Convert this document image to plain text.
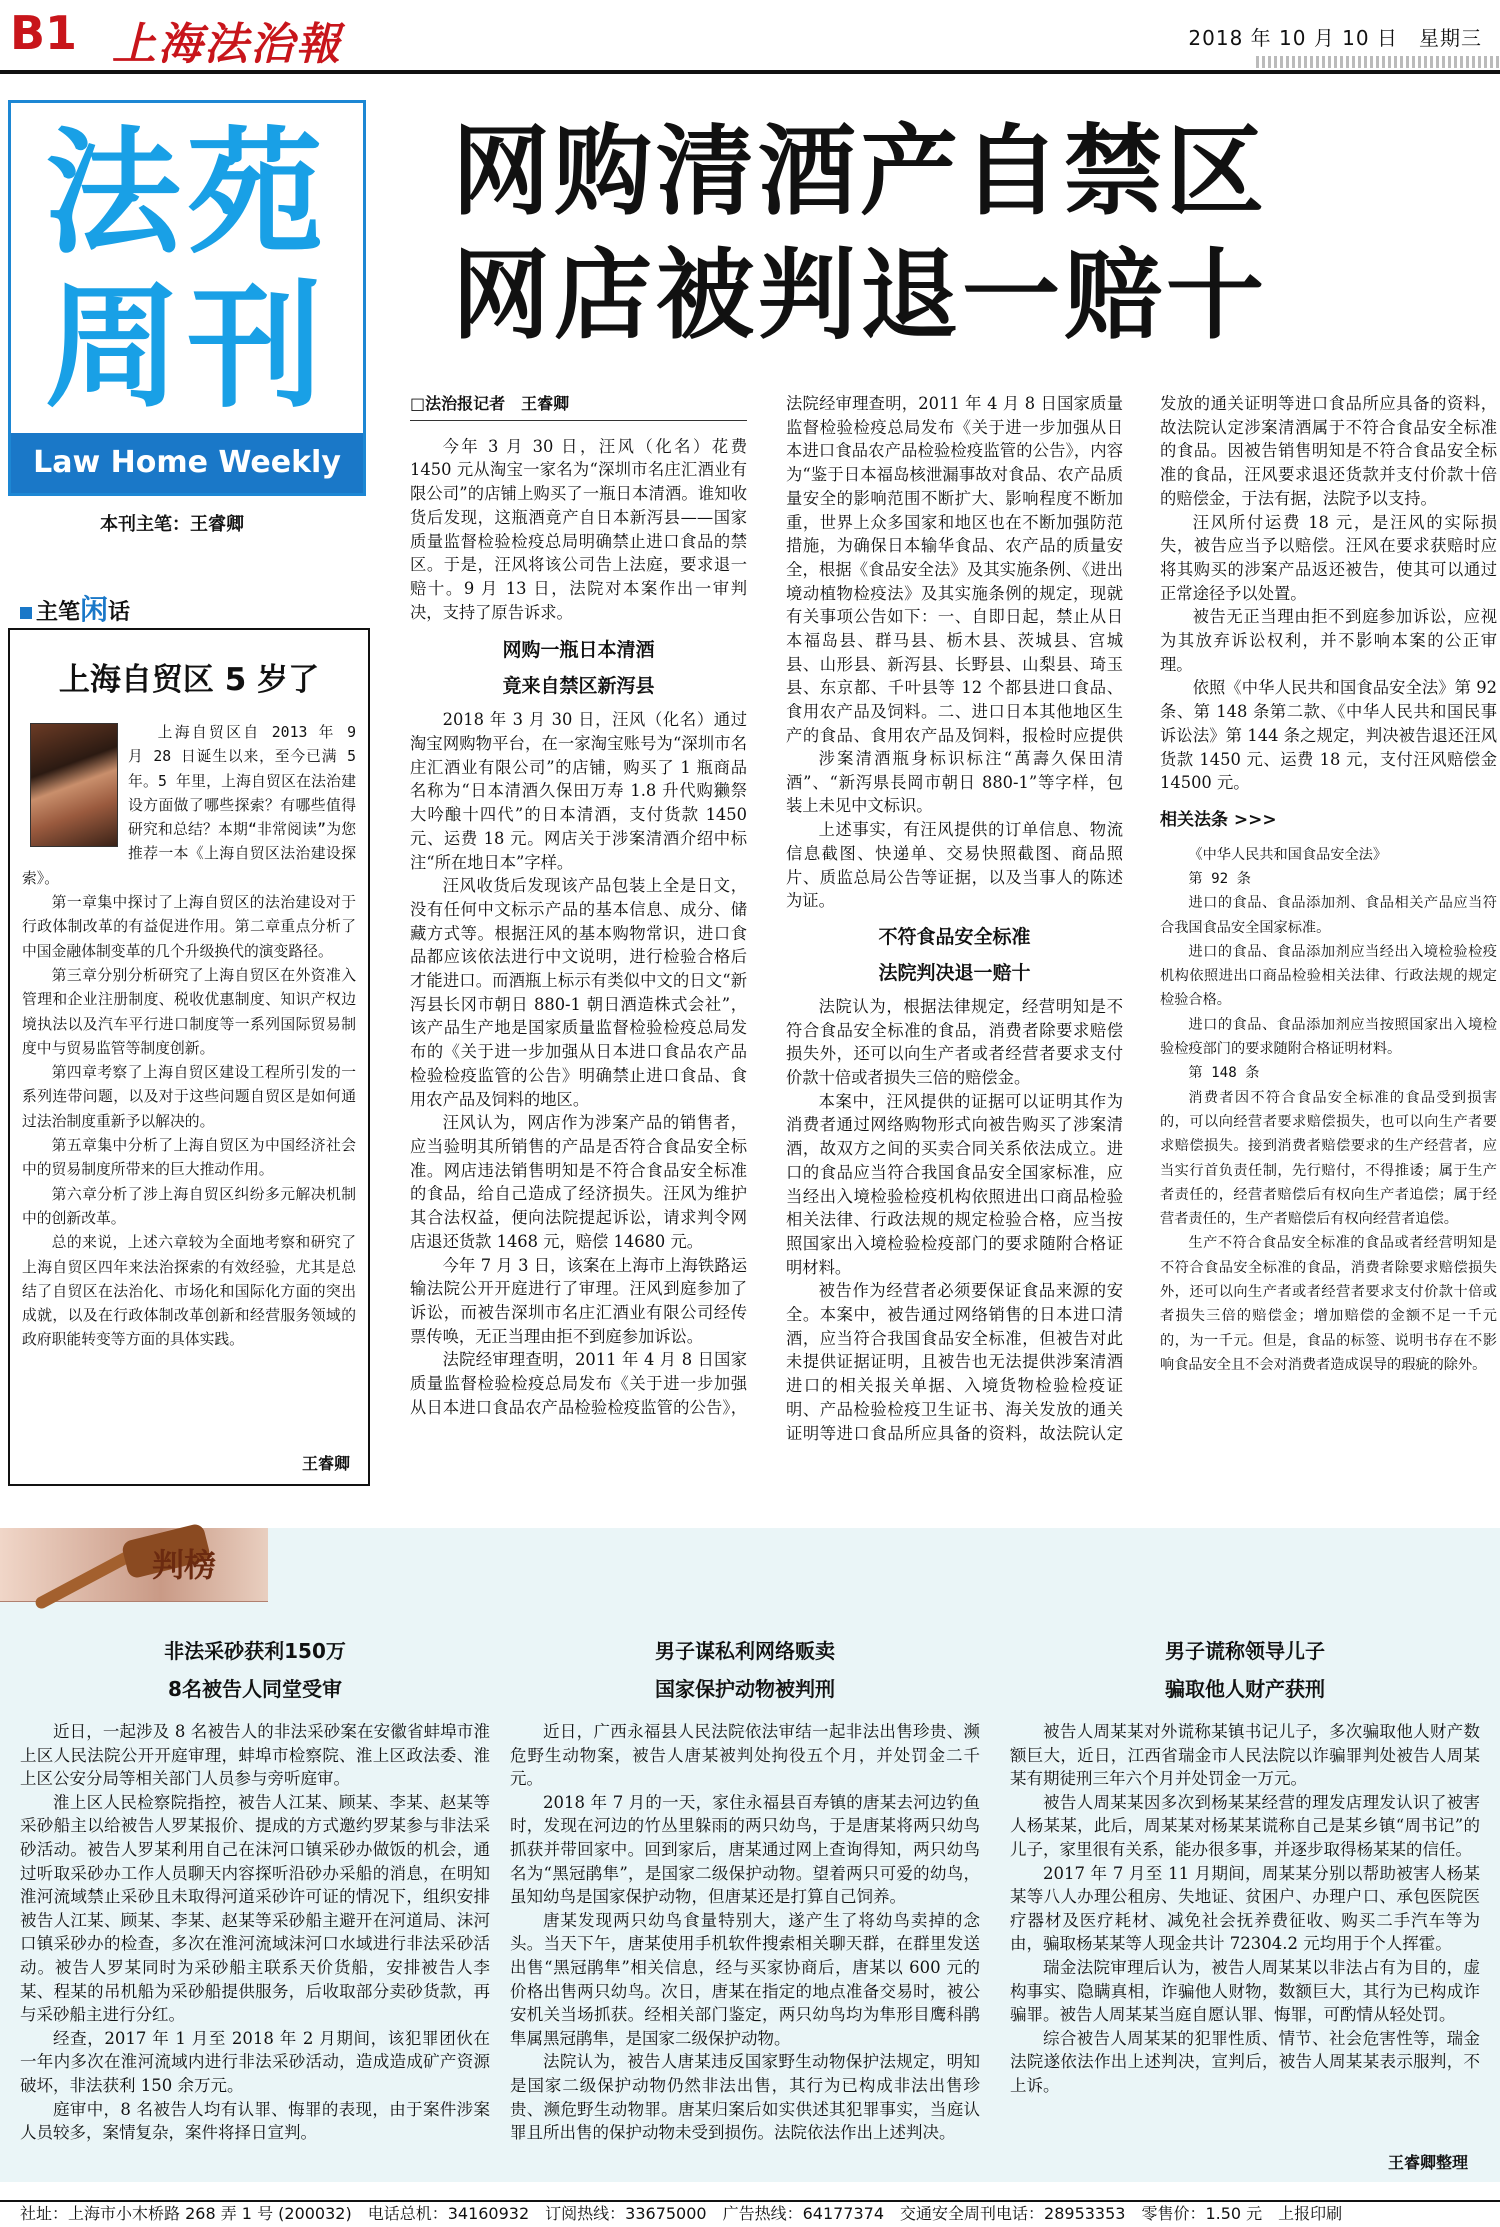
B1 上海法治報	2018 年 10 月 10 日　星期三
法苑
周刊
Law Home Weekly
本刊主笔：王睿卿
网购清酒产自禁区
网店被判退一赔十
主笔闲话
上海自贸区 5 岁了

上海自贸区自 2013 年 9 月 28 日诞生以来，至今已满 5 年。5 年里，上海自贸区在法治建设方面做了哪些探索？有哪些值得研究和总结？本期“非常阅读”为您推荐一本《上海自贸区法治建设探索》。

第一章集中探讨了上海自贸区的法治建设对于行政体制改革的有益促进作用。第二章重点分析了中国金融体制变革的几个升级换代的演变路径。

第三章分别分析研究了上海自贸区在外资准入管理和企业注册制度、税收优惠制度、知识产权边境执法以及汽车平行进口制度等一系列国际贸易制度中与贸易监管等制度创新。

第四章考察了上海自贸区建设工程所引发的一系列连带问题，以及对于这些问题自贸区是如何通过法治制度重新予以解决的。

第五章集中分析了上海自贸区为中国经济社会中的贸易制度所带来的巨大推动作用。

第六章分析了涉上海自贸区纠纷多元解决机制中的创新改革。

总的来说，上述六章较为全面地考察和研究了上海自贸区四年来法治探索的有效经验，尤其是总结了自贸区在法治化、市场化和国际化方面的突出成就，以及在行政体制改革创新和经营服务领域的政府职能转变等方面的具体实践。

王睿卿

□法治报记者　王睿卿

今年 3 月 30 日，汪风（化名）花费 1450 元从淘宝一家名为“深圳市名庄汇酒业有限公司”的店铺上购买了一瓶日本清酒。谁知收货后发现，这瓶酒竟产自日本新泻县——国家质量监督检验检疫总局明确禁止进口食品的禁区。于是，汪风将该公司告上法庭，要求退一赔十。9 月 13 日，法院对本案作出一审判决，支持了原告诉求。

网购一瓶日本清酒
竟来自禁区新泻县

2018 年 3 月 30 日，汪风（化名）通过淘宝网购物平台，在一家淘宝账号为“深圳市名庄汇酒业有限公司”的店铺，购买了 1 瓶商品名称为“日本清酒久保田万寿 1.8 升代购獭祭大吟酿十四代”的日本清酒，支付货款 1450 元、运费 18 元。网店关于涉案清酒介绍中标注“所在地日本”字样。

汪风收货后发现该产品包装上全是日文，没有任何中文标示产品的基本信息、成分、储藏方式等。根据汪风的基本购物常识，进口食品都应该依法进行中文说明，进行检验合格后才能进口。而酒瓶上标示有类似中文的日文“新泻县长冈市朝日 880-1 朝日酒造株式会社”，该产品生产地是国家质量监督检验检疫总局发布的《关于进一步加强从日本进口食品农产品检验检疫监管的公告》明确禁止进口食品、食用农产品及饲料的地区。

汪风认为，网店作为涉案产品的销售者，应当验明其所销售的产品是否符合食品安全标准。网店违法销售明知是不符合食品安全标准的食品，给自己造成了经济损失。汪风为维护其合法权益，便向法院提起诉讼，请求判令网店退还货款 1468 元，赔偿 14680 元。

今年 7 月 3 日，该案在上海市上海铁路运输法院公开开庭进行了审理。汪风到庭参加了诉讼，而被告深圳市名庄汇酒业有限公司经传票传唤，无正当理由拒不到庭参加诉讼。

法院经审理查明，2011 年 4 月 8 日国家质量监督检验检疫总局发布《关于进一步加强从日本进口食品农产品检验检疫监管的公告》，

法院经审理查明，2011 年 4 月 8 日国家质量监督检验检疫总局发布《关于进一步加强从日本进口食品农产品检验检疫监管的公告》，内容为“鉴于日本福岛核泄漏事故对食品、农产品质量安全的影响范围不断扩大、影响程度不断加重，世界上众多国家和地区也在不断加强防范措施，为确保日本输华食品、农产品的质量安全，根据《食品安全法》及其实施条例、《进出境动植物检疫法》及其实施条例的规定，现就有关事项公告如下：一、自即日起，禁止从日本福岛县、群马县、栃木县、茨城县、宫城县、山形县、新泻县、长野县、山梨县、琦玉县、东京都、千叶县等 12 个都县进口食品、食用农产品及饲料。二、进口日本其他地区生产的食品、食用农产品及饲料，报检时应提供

涉案清酒瓶身标识标注“萬壽久保田清酒”、“新泻県長岡市朝日 880-1”等字样，包装上未见中文标识。

上述事实，有汪风提供的订单信息、物流信息截图、快递单、交易快照截图、商品照片、质监总局公告等证据，以及当事人的陈述为证。

不符食品安全标准
法院判决退一赔十

法院认为，根据法律规定，经营明知是不符合食品安全标准的食品，消费者除要求赔偿损失外，还可以向生产者或者经营者要求支付价款十倍或者损失三倍的赔偿金。

本案中，汪风提供的证据可以证明其作为消费者通过网络购物形式向被告购买了涉案清酒，故双方之间的买卖合同关系依法成立。进口的食品应当符合我国食品安全国家标准，应当经出入境检验检疫机构依照进出口商品检验相关法律、行政法规的规定检验合格，应当按照国家出入境检验检疫部门的要求随附合格证明材料。

被告作为经营者必须要保证食品来源的安全。本案中，被告通过网络销售的日本进口清酒，应当符合我国食品安全标准，但被告对此未提供证据证明，且被告也无法提供涉案清酒进口的相关报关单据、入境货物检验检疫证明、产品检验检疫卫生证书、海关发放的通关证明等进口食品所应具备的资料，故法院认定

发放的通关证明等进口食品所应具备的资料，故法院认定涉案清酒属于不符合食品安全标准的食品。因被告销售明知是不符合食品安全标准的食品，汪风要求退还货款并支付价款十倍的赔偿金，于法有据，法院予以支持。

汪风所付运费 18 元，是汪风的实际损失，被告应当予以赔偿。汪风在要求获赔时应将其购买的涉案产品返还被告，使其可以通过正常途径予以处置。

被告无正当理由拒不到庭参加诉讼，应视为其放弃诉讼权利，并不影响本案的公正审理。

依照《中华人民共和国食品安全法》第 92 条、第 148 条第二款、《中华人民共和国民事诉讼法》第 144 条之规定，判决被告退还汪风货款 1450 元、运费 18 元，支付汪风赔偿金 14500 元。

相关法条 >>>

《中华人民共和国食品安全法》

第 92 条

进口的食品、食品添加剂、食品相关产品应当符合我国食品安全国家标准。

进口的食品、食品添加剂应当经出入境检验检疫机构依照进出口商品检验相关法律、行政法规的规定检验合格。

进口的食品、食品添加剂应当按照国家出入境检验检疫部门的要求随附合格证明材料。

第 148 条

消费者因不符合食品安全标准的食品受到损害的，可以向经营者要求赔偿损失，也可以向生产者要求赔偿损失。接到消费者赔偿要求的生产经营者，应当实行首负责任制，先行赔付，不得推诿；属于生产者责任的，经营者赔偿后有权向生产者追偿；属于经营者责任的，生产者赔偿后有权向经营者追偿。

生产不符合食品安全标准的食品或者经营明知是不符合食品安全标准的食品，消费者除要求赔偿损失外，还可以向生产者或者经营者要求支付价款十倍或者损失三倍的赔偿金；增加赔偿的金额不足一千元的，为一千元。但是，食品的标签、说明书存在不影响食品安全且不会对消费者造成误导的瑕疵的除外。

判榜
非法采砂获利150万
8名被告人同堂受审

近日，一起涉及 8 名被告人的非法采砂案在安徽省蚌埠市淮上区人民法院公开开庭审理，蚌埠市检察院、淮上区政法委、淮上区公安分局等相关部门人员参与旁听庭审。

淮上区人民检察院指控，被告人江某、顾某、李某、赵某等采砂船主以给被告人罗某报价、提成的方式邀约罗某参与非法采砂活动。被告人罗某利用自己在沫河口镇采砂办做饭的机会，通过听取采砂办工作人员聊天内容探听沿砂办采船的消息，在明知淮河流域禁止采砂且未取得河道采砂许可证的情况下，组织安排被告人江某、顾某、李某、赵某等采砂船主避开在河道局、沫河口镇采砂办的检查，多次在淮河流域沫河口水域进行非法采砂活动。被告人罗某同时为采砂船主联系天价货船，安排被告人李某、程某的吊机船为采砂船提供服务，后收取部分卖砂货款，再与采砂船主进行分红。

经查，2017 年 1 月至 2018 年 2 月期间，该犯罪团伙在一年内多次在淮河流域内进行非法采砂活动，造成造成矿产资源破坏，非法获利 150 余万元。

庭审中，8 名被告人均有认罪、悔罪的表现，由于案件涉案人员较多，案情复杂，案件将择日宣判。

男子谋私利网络贩卖
国家保护动物被判刑

近日，广西永福县人民法院依法审结一起非法出售珍贵、濒危野生动物案，被告人唐某被判处拘役五个月，并处罚金二千元。

2018 年 7 月的一天，家住永福县百寿镇的唐某去河边钓鱼时，发现在河边的竹丛里躲雨的两只幼鸟，于是唐某将两只幼鸟抓获并带回家中。回到家后，唐某通过网上查询得知，两只幼鸟名为“黑冠鹃隼”，是国家二级保护动物。望着两只可爱的幼鸟，虽知幼鸟是国家保护动物，但唐某还是打算自己饲养。

唐某发现两只幼鸟食量特别大，遂产生了将幼鸟卖掉的念头。当天下午，唐某使用手机软件搜索相关聊天群，在群里发送出售“黑冠鹃隼”相关信息，经与买家协商后，唐某以 600 元的价格出售两只幼鸟。次日，唐某在指定的地点准备交易时，被公安机关当场抓获。经相关部门鉴定，两只幼鸟均为隼形目鹰科鹃隼属黑冠鹃隼，是国家二级保护动物。

法院认为，被告人唐某违反国家野生动物保护法规定，明知是国家二级保护动物仍然非法出售，其行为已构成非法出售珍贵、濒危野生动物罪。唐某归案后如实供述其犯罪事实，当庭认罪且所出售的保护动物未受到损伤。法院依法作出上述判决。

男子谎称领导儿子
骗取他人财产获刑

被告人周某某对外谎称某镇书记儿子，多次骗取他人财产数额巨大，近日，江西省瑞金市人民法院以诈骗罪判处被告人周某某有期徒刑三年六个月并处罚金一万元。

被告人周某某因多次到杨某某经营的理发店理发认识了被害人杨某某，此后，周某某对杨某某谎称自己是某乡镇“周书记”的儿子，家里很有关系，能办很多事，并逐步取得杨某某的信任。

2017 年 7 月至 11 月期间，周某某分别以帮助被害人杨某某等八人办理公租房、失地证、贫困户、办理户口、承包医院医疗器材及医疗耗材、减免社会抚养费征收、购买二手汽车等为由，骗取杨某某等人现金共计 72304.2 元均用于个人挥霍。

瑞金法院审理后认为，被告人周某某以非法占有为目的，虚构事实、隐瞒真相，诈骗他人财物，数额巨大，其行为已构成诈骗罪。被告人周某某当庭自愿认罪、悔罪，可酌情从轻处罚。

综合被告人周某某的犯罪性质、情节、社会危害性等，瑞金法院遂依法作出上述判决，宣判后，被告人周某某表示服判，不上诉。

王睿卿整理
社址：上海市小木桥路 268 弄 1 号 (200032)　电话总机：34160932　订阅热线：33675000　广告热线：64177374　交通安全周刊电话：28953353　零售价：1.50 元　上报印刷
